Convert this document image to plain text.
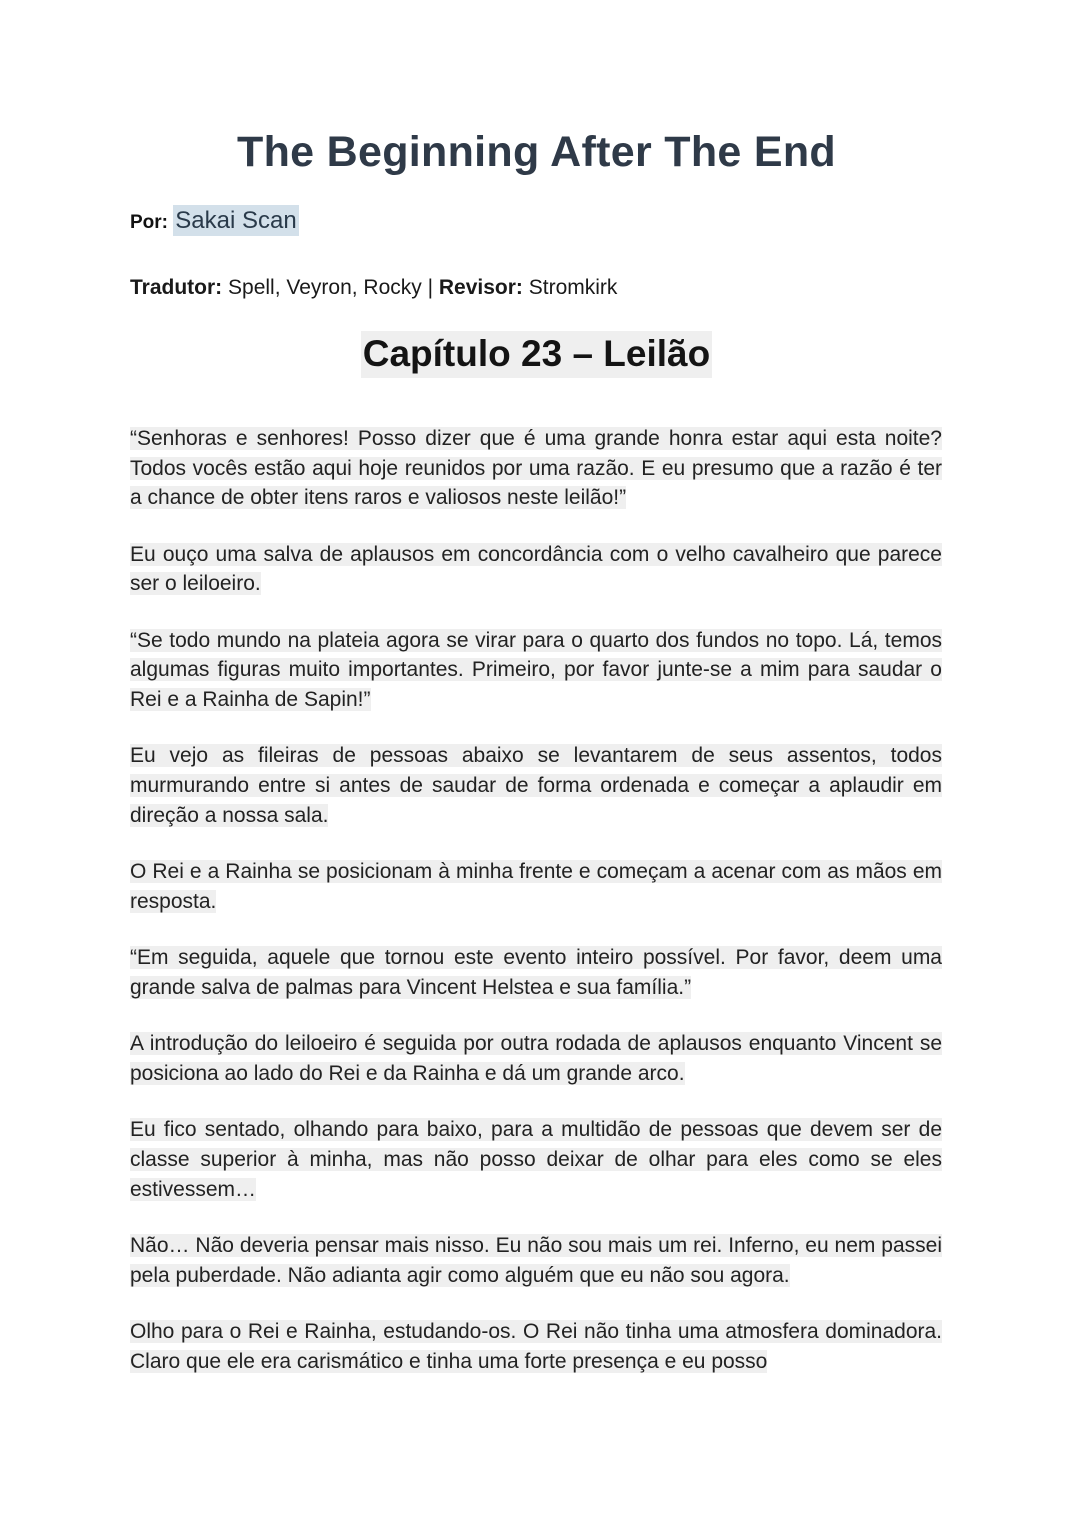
The Beginning After The End
Por: Sakai Scan
Tradutor: Spell, Veyron, Rocky | Revisor: Stromkirk
Capítulo 23 – Leilão

“Senhoras e senhores! Posso dizer que é uma grande honra estar aqui esta noite? Todos vocês estão aqui hoje reunidos por uma razão. E eu presumo que a razão é ter a chance de obter itens raros e valiosos neste leilão!”

Eu ouço uma salva de aplausos em concordância com o velho cavalheiro que parece ser o leiloeiro.

“Se todo mundo na plateia agora se virar para o quarto dos fundos no topo. Lá, temos algumas figuras muito importantes. Primeiro, por favor junte-se a mim para saudar o Rei e a Rainha de Sapin!”

Eu vejo as fileiras de pessoas abaixo se levantarem de seus assentos, todos murmurando entre si antes de saudar de forma ordenada e começar a aplaudir em direção a nossa sala.

O Rei e a Rainha se posicionam à minha frente e começam a acenar com as mãos em resposta.

“Em seguida, aquele que tornou este evento inteiro possível. Por favor, deem uma grande salva de palmas para Vincent Helstea e sua família.”

A introdução do leiloeiro é seguida por outra rodada de aplausos enquanto Vincent se posiciona ao lado do Rei e da Rainha e dá um grande arco.

Eu fico sentado, olhando para baixo, para a multidão de pessoas que devem ser de classe superior à minha, mas não posso deixar de olhar para eles como se eles estivessem…

Não… Não deveria pensar mais nisso. Eu não sou mais um rei. Inferno, eu nem passei pela puberdade. Não adianta agir como alguém que eu não sou agora.

Olho para o Rei e Rainha, estudando-os. O Rei não tinha uma atmosfera dominadora. Claro que ele era carismático e tinha uma forte presença e eu posso
